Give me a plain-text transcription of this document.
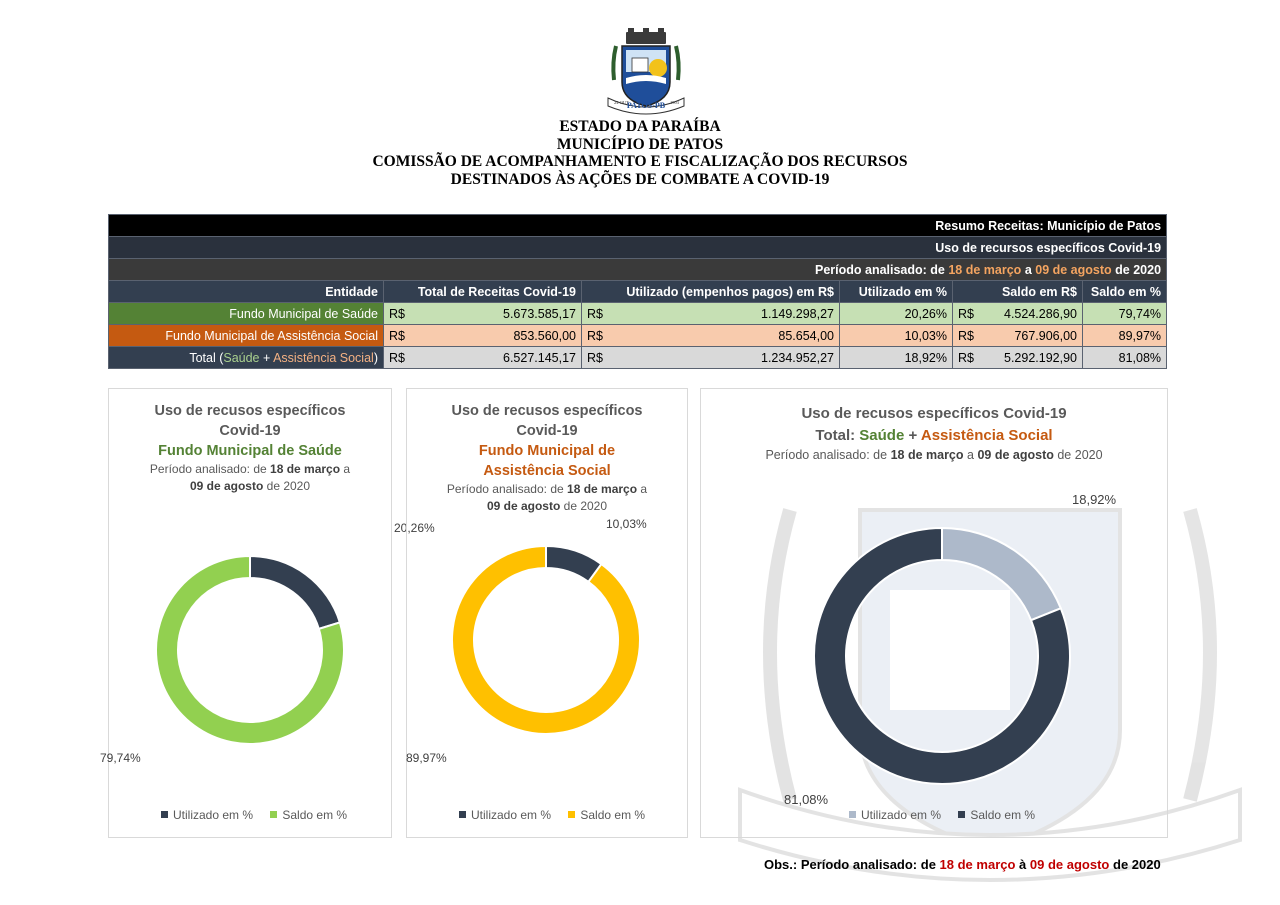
PATOS-PB
24 OUT	1903
ESTADO DA PARAÍBA
MUNICÍPIO DE PATOS
COMISSÃO DE ACOMPANHAMENTO E FISCALIZAÇÃO DOS RECURSOS
DESTINADOS ÀS AÇÕES DE COMBATE A COVID-19
Resumo Receitas: Município de Patos					
Uso de recursos específicos Covid-19					
Período analisado: de 18 de março a 09 de agosto de 2020					
Entidade	Total de Receitas Covid-19	Utilizado (empenhos pagos) em R$	Utilizado em %	Saldo em R$	Saldo em %
Fundo Municipal de Saúde	R$ 5.673.585,17	R$ 1.149.298,27	20,26%	R$ 4.524.286,90	79,74%
Fundo Municipal de Assistência Social	R$ 853.560,00	R$ 85.654,00	10,03%	R$ 767.906,00	89,97%
Total (Saúde + Assistência Social)	R$ 6.527.145,17	R$ 1.234.952,27	18,92%	R$ 5.292.192,90	81,08%
Uso de recusos específicos
Covid-19
Fundo Municipal de Saúde
Período analisado: de 18 de março a
09 de agosto de 2020
20,26%
79,74%
Utilizado em % Saldo em %
Uso de recusos específicos
Covid-19
Fundo Municipal de
Assistência Social
Período analisado: de 18 de março a
09 de agosto de 2020
10,03%
89,97%
Utilizado em % Saldo em %
Uso de recusos específicos Covid-19
Total: Saúde + Assistência Social
Período analisado: de 18 de março a 09 de agosto de 2020
18,92%
81,08%
Utilizado em % Saldo em %
Obs.: Período analisado: de 18 de março à 09 de agosto de 2020
